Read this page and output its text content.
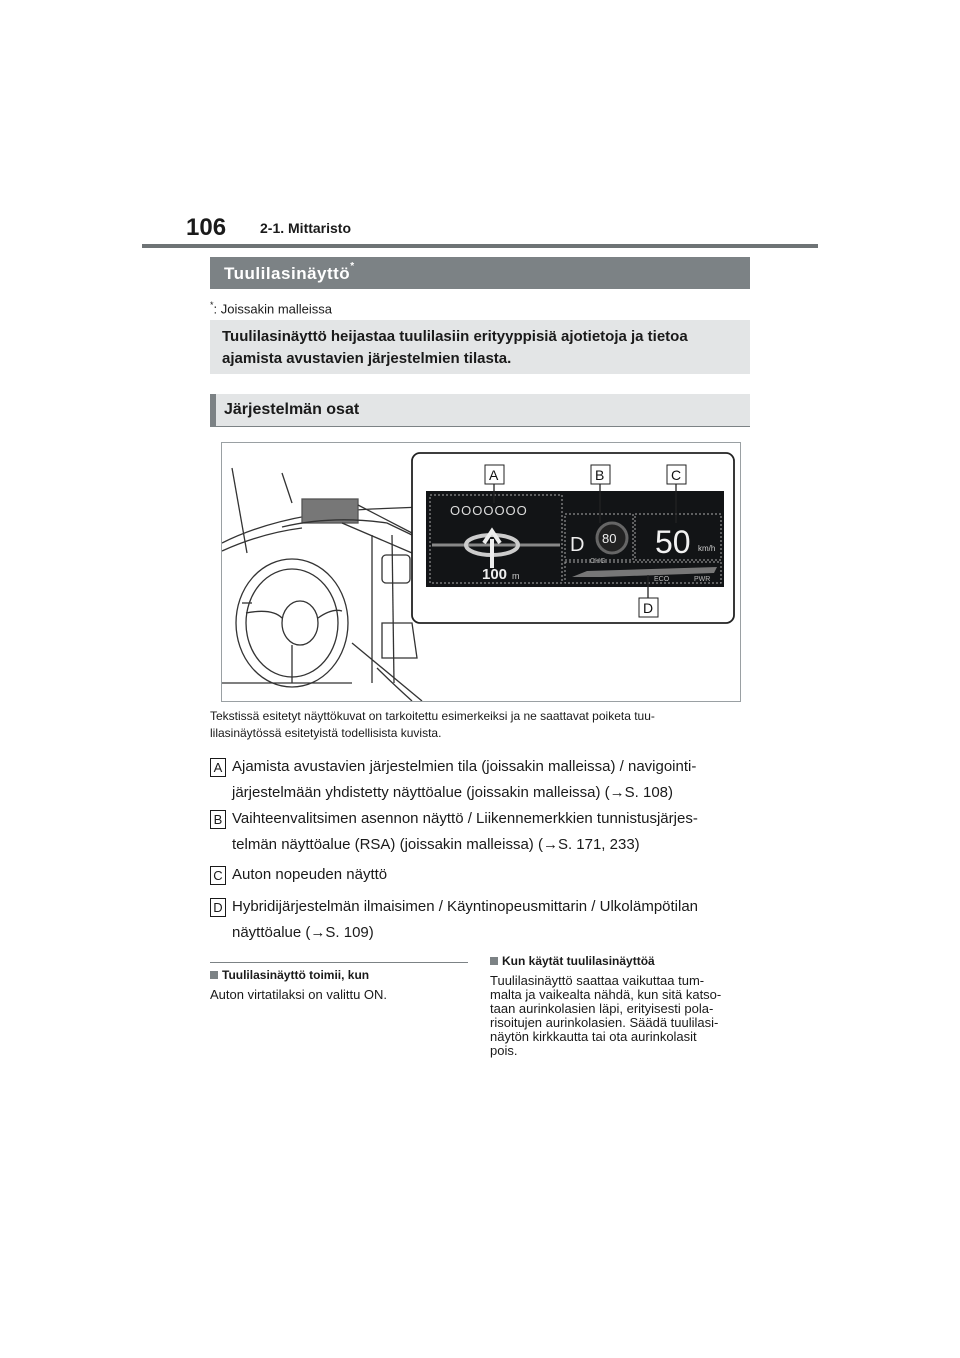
106 2-1. Mittaristo
Tuulilasinäyttö*
*: Joissakin malleissa
Tuulilasinäyttö heijastaa tuulilasiin erityyppisiä ajotietoja ja tietoa ajamista avustavien järjestelmien tilasta.
Järjestelmän osat
OOOOOOO
100 m
D 80
CHG
50 km/h
ECO	PWR
A	B	C
D
Tekstissä esitetyt näyttökuvat on tarkoitettu esimerkeiksi ja ne saattavat poiketa tuu-
lilasinäytössä esitetyistä todellisista kuvista.
A Ajamista avustavien järjestelmien tila (joissakin malleissa) / navigointi-
järjestelmään yhdistetty näyttöalue (joissakin malleissa) (→S. 108)
B Vaihteenvalitsimen asennon näyttö / Liikennemerkkien tunnistusjärjes-
telmän näyttöalue (RSA) (joissakin malleissa) (→S. 171, 233)
C Auton nopeuden näyttö
D Hybridijärjestelmän ilmaisimen / Käyntinopeusmittarin / Ulkolämpötilan
näyttöalue (→S. 109)
Tuulilasinäyttö toimii, kun
Auton virtatilaksi on valittu ON.
Kun käytät tuulilasinäyttöä
Tuulilasinäyttö saattaa vaikuttaa tum-
malta ja vaikealta nähdä, kun sitä katso-
taan aurinkolasien läpi, erityisesti pola-
risoitujen aurinkolasien. Säädä tuulilasi-
näytön kirkkautta tai ota aurinkolasit
pois.
